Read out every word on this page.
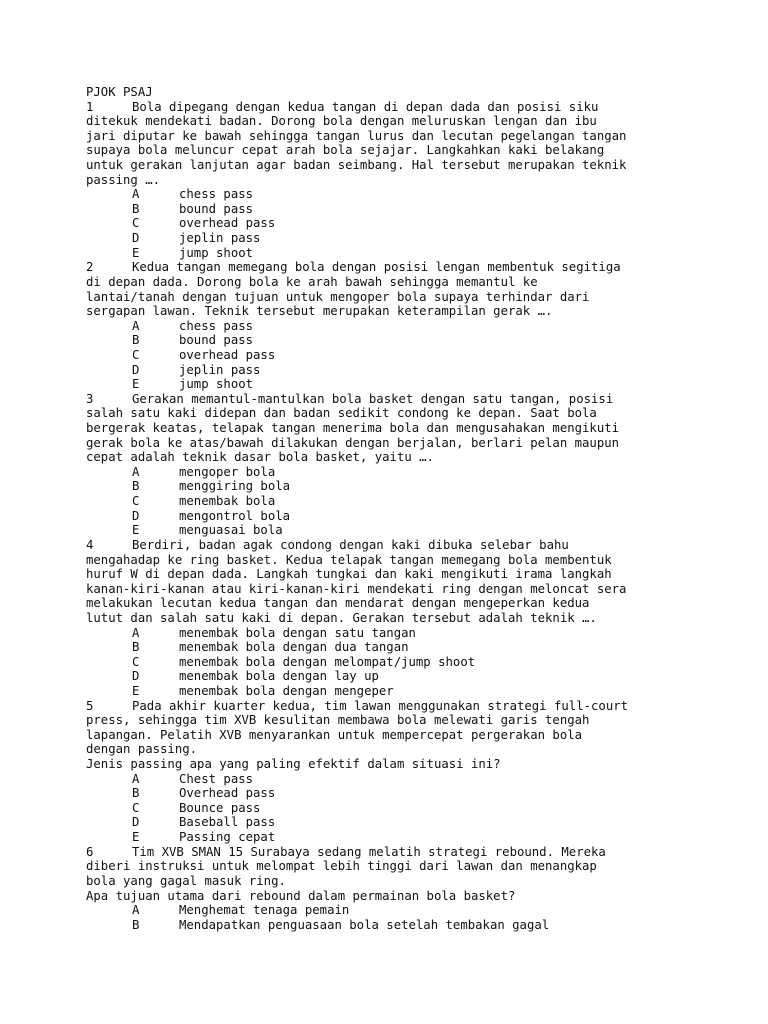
PJOK PSAJ
1	Bola dipegang dengan kedua tangan di depan dada dan posisi siku
ditekuk mendekati badan. Dorong bola dengan meluruskan lengan dan ibu
jari diputar ke bawah sehingga tangan lurus dan lecutan pegelangan tangan
supaya bola meluncur cepat arah bola sejajar. Langkahkan kaki belakang
untuk gerakan lanjutan agar badan seimbang. Hal tersebut merupakan teknik
passing ….
A	chess pass
B	bound pass
C	overhead pass
D	jeplin pass
E	jump shoot
2	Kedua tangan memegang bola dengan posisi lengan membentuk segitiga
di depan dada. Dorong bola ke arah bawah sehingga memantul ke
lantai/tanah dengan tujuan untuk mengoper bola supaya terhindar dari
sergapan lawan. Teknik tersebut merupakan keterampilan gerak ….
A	chess pass
B	bound pass
C	overhead pass
D	jeplin pass
E	jump shoot
3	Gerakan memantul-mantulkan bola basket dengan satu tangan, posisi
salah satu kaki didepan dan badan sedikit condong ke depan. Saat bola
bergerak keatas, telapak tangan menerima bola dan mengusahakan mengikuti
gerak bola ke atas/bawah dilakukan dengan berjalan, berlari pelan maupun
cepat adalah teknik dasar bola basket, yaitu ….
A	mengoper bola
B	menggiring bola
C	menembak bola
D	mengontrol bola
E	menguasai bola
4	Berdiri, badan agak condong dengan kaki dibuka selebar bahu
mengahadap ke ring basket. Kedua telapak tangan memegang bola membentuk
huruf W di depan dada. Langkah tungkai dan kaki mengikuti irama langkah
kanan-kiri-kanan atau kiri-kanan-kiri mendekati ring dengan meloncat sera
melakukan lecutan kedua tangan dan mendarat dengan mengeperkan kedua
lutut dan salah satu kaki di depan. Gerakan tersebut adalah teknik ….
A	menembak bola dengan satu tangan
B	menembak bola dengan dua tangan
C	menembak bola dengan melompat/jump shoot
D	menembak bola dengan lay up
E	menembak bola dengan mengeper
5	Pada akhir kuarter kedua, tim lawan menggunakan strategi full-court
press, sehingga tim XVB kesulitan membawa bola melewati garis tengah
lapangan. Pelatih XVB menyarankan untuk mempercepat pergerakan bola
dengan passing.
Jenis passing apa yang paling efektif dalam situasi ini?
A	Chest pass
B	Overhead pass
C	Bounce pass
D	Baseball pass
E	Passing cepat
6	Tim XVB SMAN 15 Surabaya sedang melatih strategi rebound. Mereka
diberi instruksi untuk melompat lebih tinggi dari lawan dan menangkap
bola yang gagal masuk ring.
Apa tujuan utama dari rebound dalam permainan bola basket?
A	Menghemat tenaga pemain
B	Mendapatkan penguasaan bola setelah tembakan gagal
